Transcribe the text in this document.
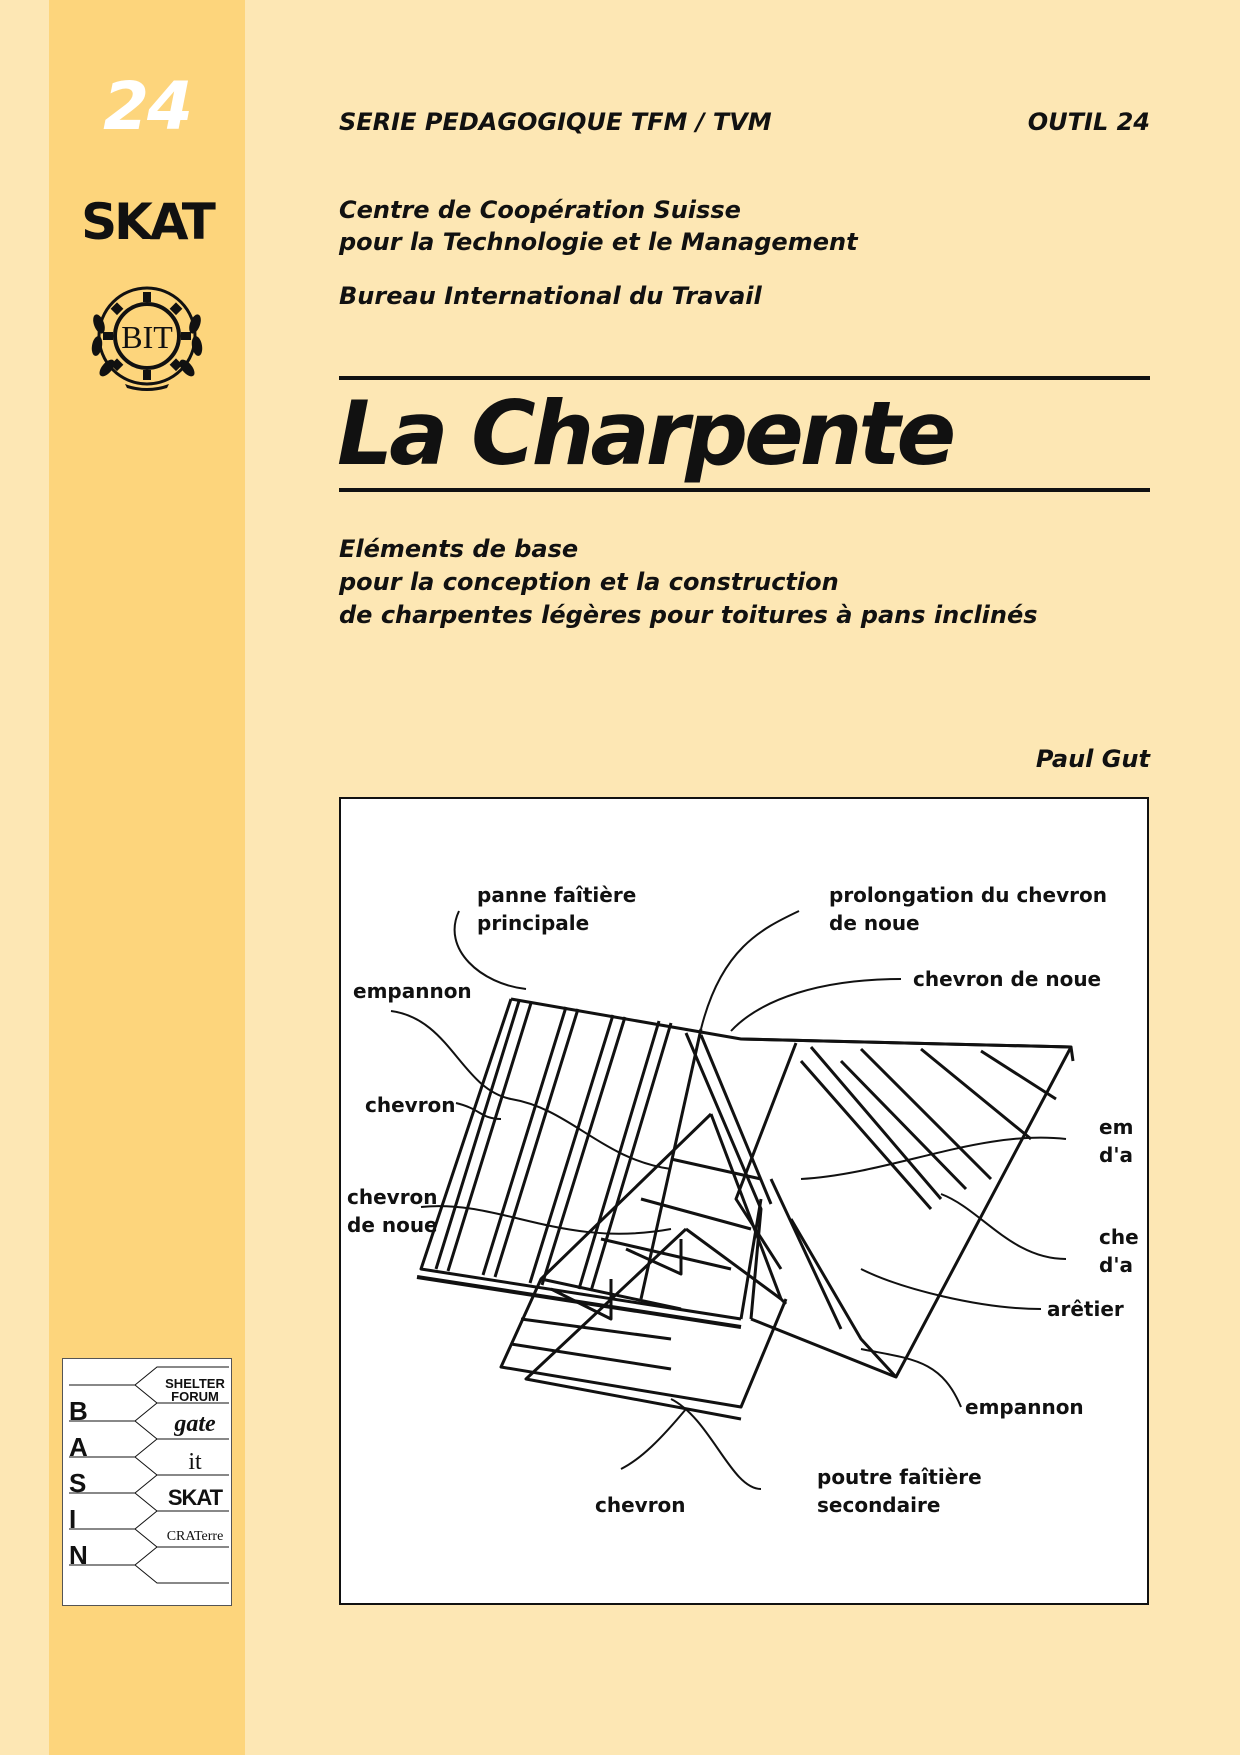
24
SKAT
BIT
B
A
S
I
N
SHELTER FORUM
gate
it
SKAT
CRATerre
SERIE PEDAGOGIQUE TFM / TVM	OUTIL 24
Centre de Coopération Suisse
pour la Technologie et le Management
Bureau International du Travail
La Charpente
Eléments de base
pour la conception et la construction
de charpentes légères pour toitures à pans inclinés
Paul Gut
panne faîtière
principale
prolongation du chevron
de noue
chevron de noue
empannon
chevron
chevron
de noue
em
d'a
che
d'a
arêtier
empannon
poutre faîtière
secondaire
chevron
